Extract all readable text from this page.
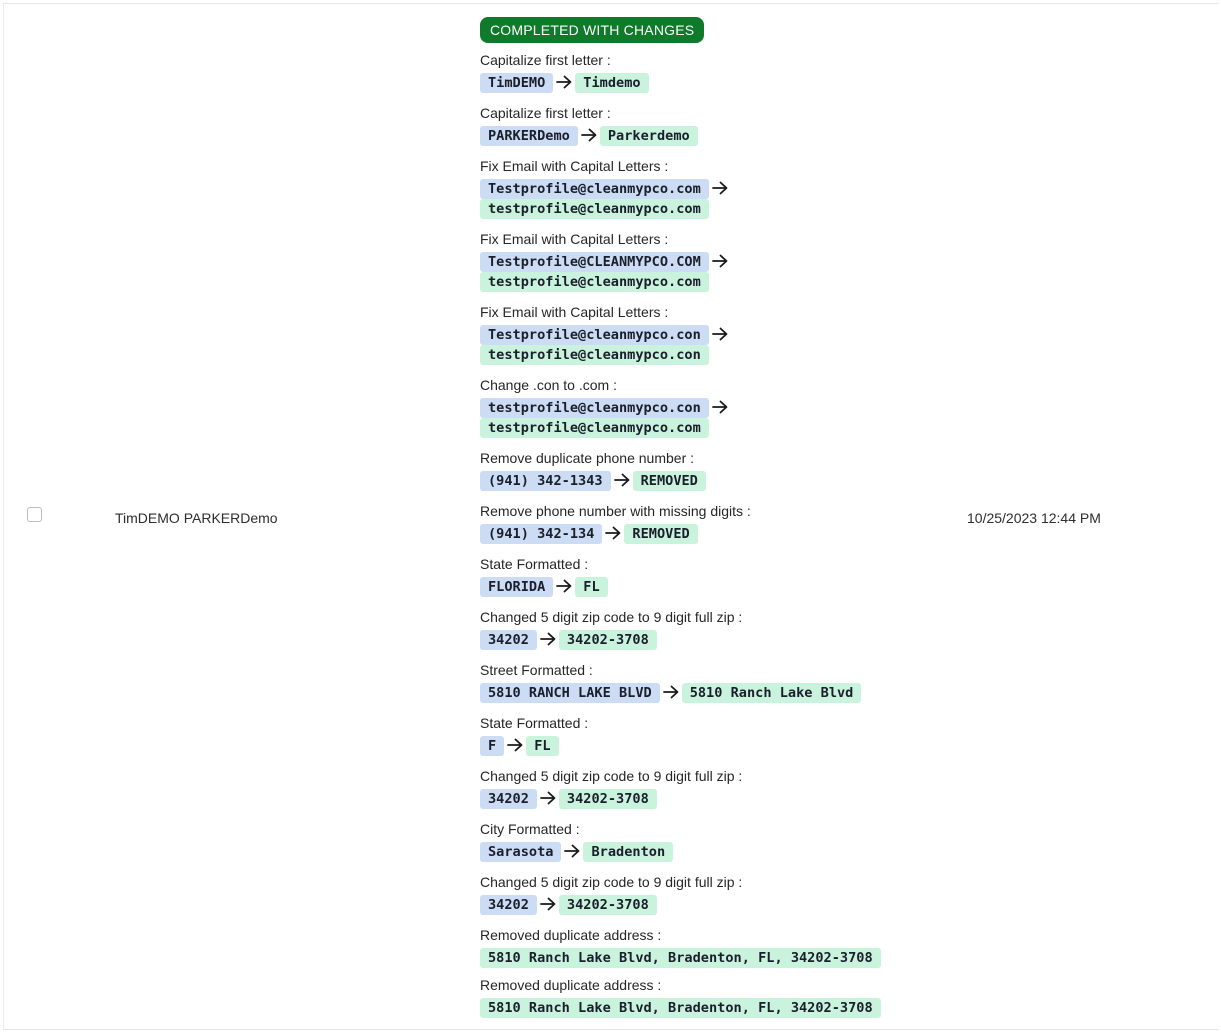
TimDEMO PARKERDemo	10/25/2023 12:44 PM
COMPLETED WITH CHANGES
Capitalize first letter :
TimDEMO	Timdemo
Capitalize first letter :
PARKERDemo	Parkerdemo
Fix Email with Capital Letters :
Testprofile@cleanmypco.com
testprofile@cleanmypco.com
Fix Email with Capital Letters :
Testprofile@CLEANMYPCO.COM
testprofile@cleanmypco.com
Fix Email with Capital Letters :
Testprofile@cleanmypco.con
testprofile@cleanmypco.con
Change .con to .com :
testprofile@cleanmypco.con
testprofile@cleanmypco.com
Remove duplicate phone number :
(941) 342-1343	REMOVED
Remove phone number with missing digits :
(941) 342-134	REMOVED
State Formatted :
FLORIDA	FL
Changed 5 digit zip code to 9 digit full zip :
34202	34202-3708
Street Formatted :
5810 RANCH LAKE BLVD	5810 Ranch Lake Blvd
State Formatted :
F	FL
Changed 5 digit zip code to 9 digit full zip :
34202	34202-3708
City Formatted :
Sarasota	Bradenton
Changed 5 digit zip code to 9 digit full zip :
34202	34202-3708
Removed duplicate address :
5810 Ranch Lake Blvd, Bradenton, FL, 34202-3708
Removed duplicate address :
5810 Ranch Lake Blvd, Bradenton, FL, 34202-3708
